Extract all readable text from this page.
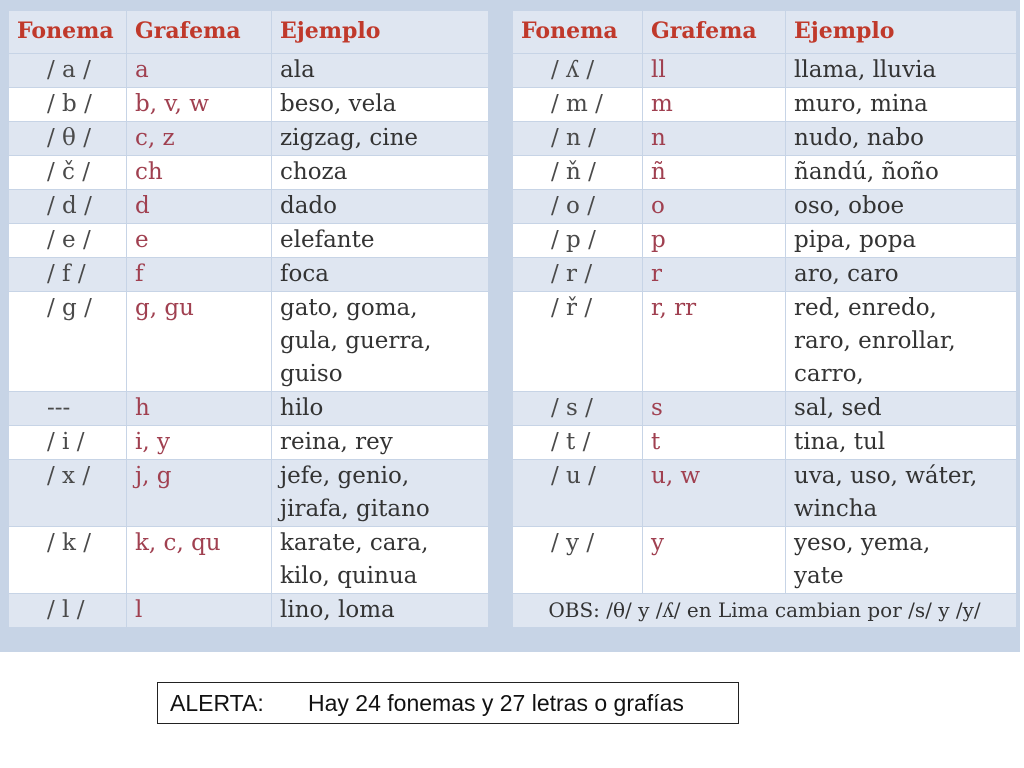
Fonema	Grafema	Ejemplo
/ a /	a	ala

/ b /	b, v, w	beso, vela

/ θ /	c, z	zigzag, cine

/ č /	ch	choza

/ d /	d	dado

/ e /	e	elefante

/ f /	f	foca

/ g /	g, gu	gato, goma,
gula, guerra,
guiso

---	h	hilo

/ i /	i, y	reina, rey

/ x /	j, g	jefe, genio,
jirafa, gitano

/ k /	k, c, qu	karate, cara,
kilo, quinua

/ l /	l	lino, loma
Fonema	Grafema	Ejemplo
/ ʎ /	ll	llama, lluvia

/ m /	m	muro, mina

/ n /	n	nudo, nabo

/ ň /	ñ	ñandú, ñoño

/ o /	o	oso, oboe

/ p /	p	pipa, popa

/ r /	r	aro, caro

/ ř /	r, rr	red, enredo,
raro, enrollar,
carro,

/ s /	s	sal, sed

/ t /	t	tina, tul

/ u /	u, w	uva, uso, wáter,
wincha

/ y /	y	yeso, yema,
yate

OBS: /θ/ y /ʎ/ en Lima cambian por /s/ y /y/		
ALERTA: Hay 24 fonemas y 27 letras o grafías
